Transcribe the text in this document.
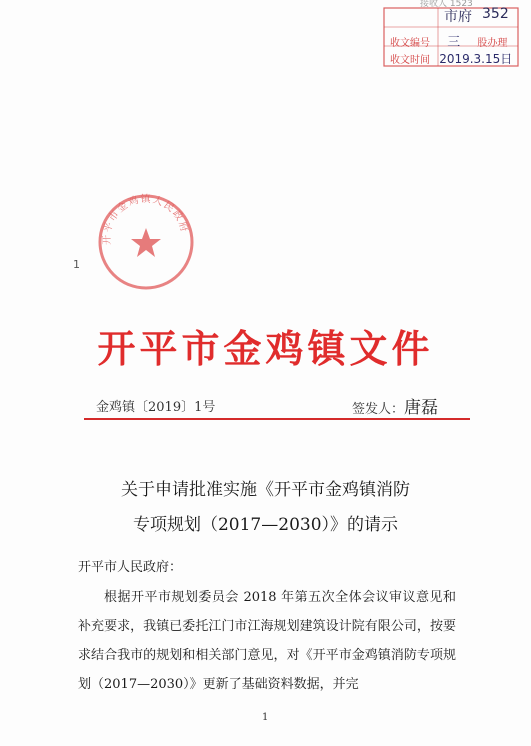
接收人 1523
市府 352
收文编号 三 股办理
收文时间 2019.3.15日
开平市金鸡镇人民政府
1
开平市金鸡镇文件
金鸡镇〔2019〕1号	签发人：唐磊
关于申请批准实施《开平市金鸡镇消防
专项规划（2017—2030）》的请示
开平市人民政府：

根据开平市规划委员会 2018 年第五次全体会议审议意见和补充要求，我镇已委托江门市江海规划建筑设计院有限公司，按要求结合我市的规划和相关部门意见，对《开平市金鸡镇消防专项规划（2017—2030）》更新了基础资料数据，并完

1
